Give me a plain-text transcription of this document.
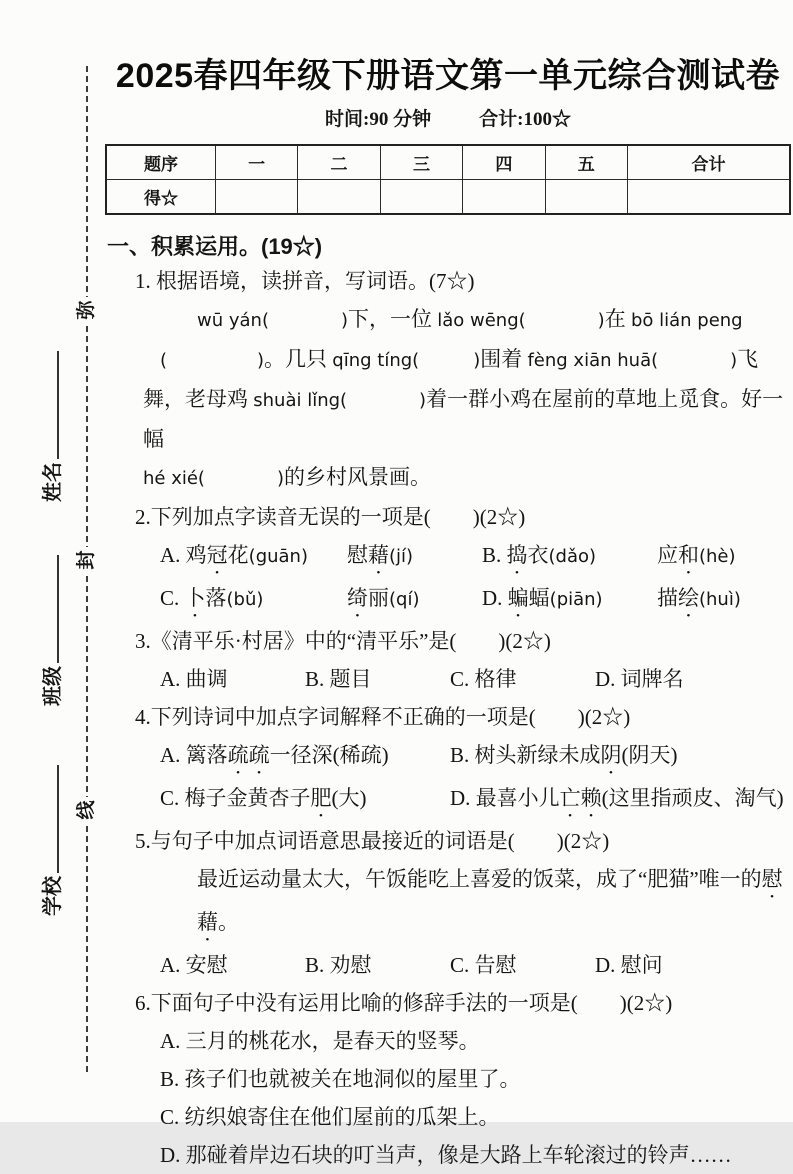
弥
封
线
姓名
班级
学校
2025春四年级下册语文第一单元综合测试卷
时间:90 分钟	合计:100☆
题序	一	二	三	四	五	合计
得☆						
一、积累运用。(19☆)
1. 根据语境，读拼音，写词语。(7☆)
wū yán(　　　　)下，一位 lǎo wēng(　　　　)在 bō lián peng
(　　　　　)。几只 qīng tíng(　　　)围着 fèng xiān huā(　　　　)飞
舞，老母鸡 shuài lǐng(　　　　)着一群小鸡在屋前的草地上觅食。好一幅
hé xié(　　　　)的乡村风景画。
2.下列加点字读音无误的一项是(　　)(2☆)
A. 鸡冠花(guān)	慰藉(jí)	B. 捣衣(dǎo)	应和(hè)
C. 卜落(bǔ)	绮丽(qí)	D. 蝙蝠(piān)	描绘(huì)
3.《清平乐·村居》中的“清平乐”是(　　)(2☆)
A. 曲调	B. 题目	C. 格律	D. 词牌名
4.下列诗词中加点字词解释不正确的一项是(　　)(2☆)
A. 篱落疏疏一径深(稀疏)	B. 树头新绿未成阴(阴天)
C. 梅子金黄杏子肥(大)	D. 最喜小儿亡赖(这里指顽皮、淘气)
5.与句子中加点词语意思最接近的词语是(　　)(2☆)
最近运动量太大，午饭能吃上喜爱的饭菜，成了“肥猫”唯一的慰藉。
A. 安慰	B. 劝慰	C. 告慰	D. 慰问
6.下面句子中没有运用比喻的修辞手法的一项是(　　)(2☆)
A. 三月的桃花水，是春天的竖琴。
B. 孩子们也就被关在地洞似的屋里了。
C. 纺织娘寄住在他们屋前的瓜架上。
D. 那碰着岸边石块的叮当声，像是大路上车轮滚过的铃声……
